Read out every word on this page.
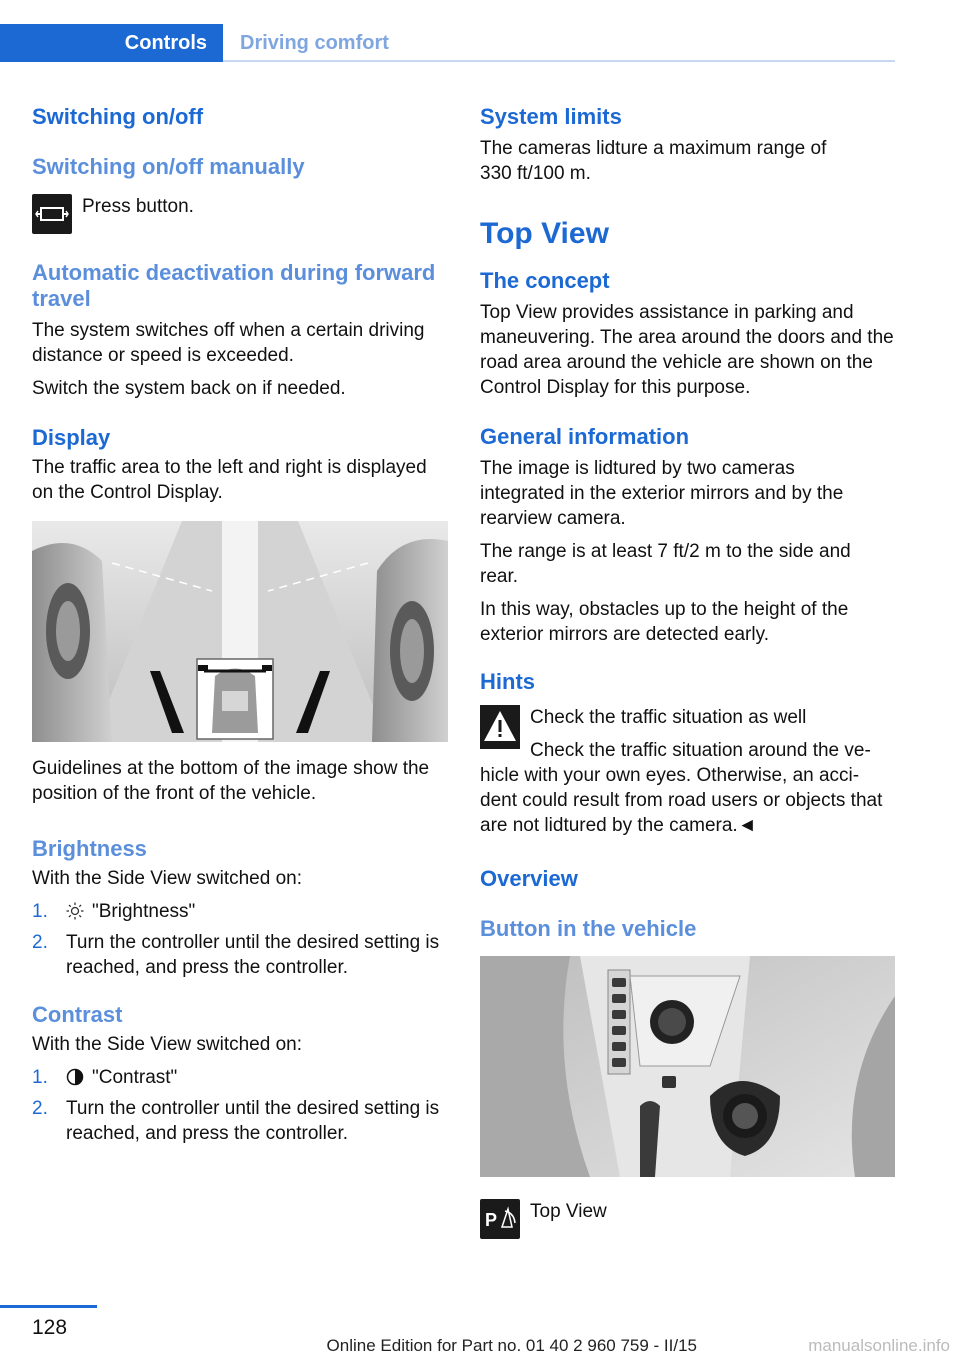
Controls	Driving comfort
Switching on/off
Switching on/off manually
Press button.
Automatic deactivation during forward travel

The system switches off when a certain driving distance or speed is exceeded.

Switch the system back on if needed.

Display

The traffic area to the left and right is displayed on the Control Display.

Guidelines at the bottom of the image show the position of the front of the vehicle.

Brightness

With the Side View switched on:

1. "Brightness"
2. Turn the controller until the desired setting is reached, and press the controller.
Contrast

With the Side View switched on:

1. "Contrast"
2. Turn the controller until the desired setting is reached, and press the controller.
System limits

The cameras lidture a maximum range of 330 ft/100 m.

Top View
The concept

Top View provides assistance in parking and maneuvering. The area around the doors and the road area around the vehicle are shown on the Control Display for this purpose.

General information

The image is lidtured by two cameras integrated in the exterior mirrors and by the rearview camera.

The range is at least 7 ft/2 m to the side and rear.

In this way, obstacles up to the height of the exterior mirrors are detected early.

Hints

Check the traffic situation as well

Check the traffic situation around the ve-

hicle with your own eyes. Otherwise, an acci-dent could result from road users or objects that are not lidtured by the camera.◄

Overview
Button in the vehicle
P Top View
128
Online Edition for Part no. 01 40 2 960 759 - II/15	manualsonline.info
